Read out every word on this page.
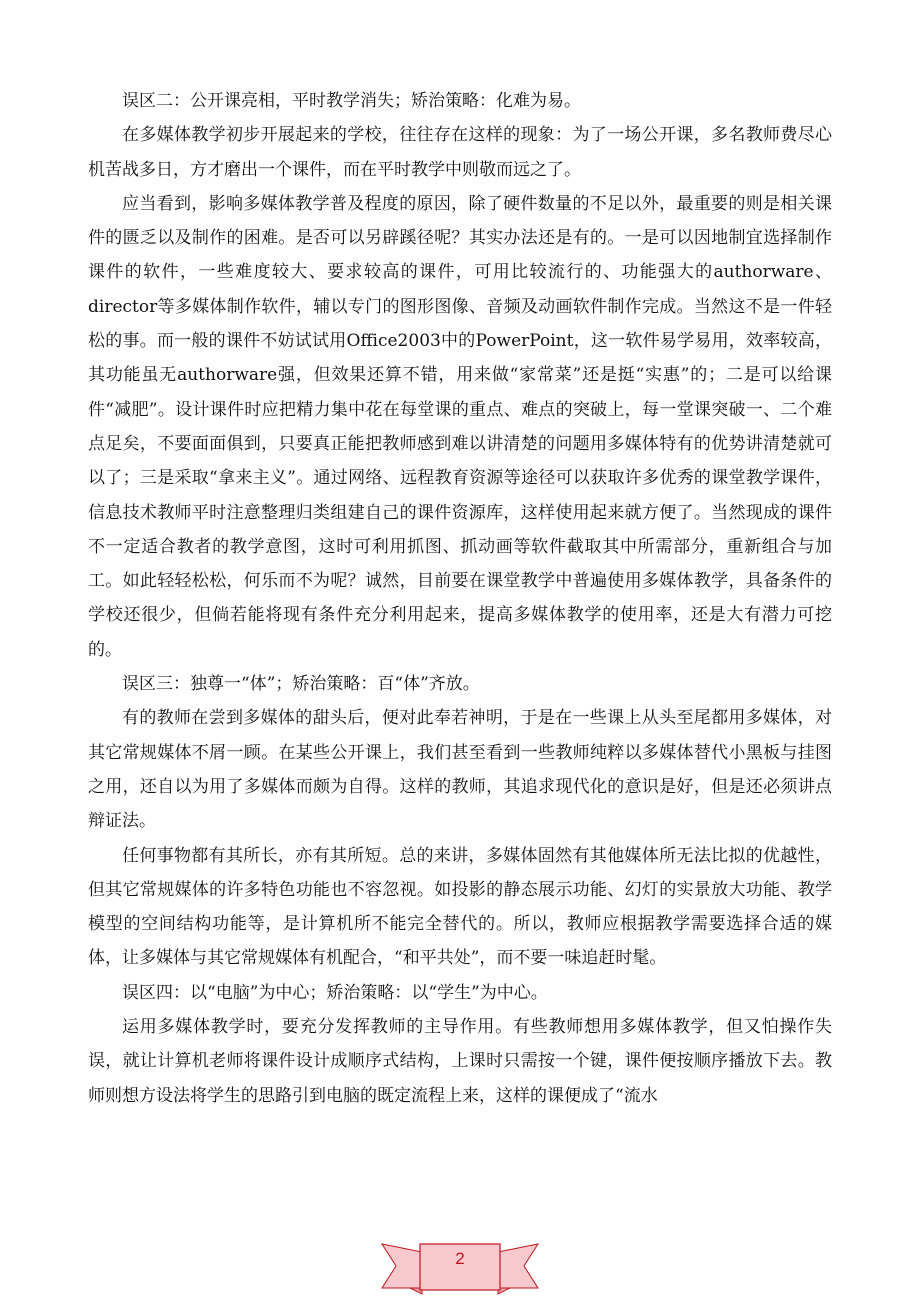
误区二：公开课亮相，平时教学消失；矫治策略：化难为易。

在多媒体教学初步开展起来的学校，往往存在这样的现象：为了一场公开课，多名教师费尽心机苦战多日，方才磨出一个课件，而在平时教学中则敬而远之了。

应当看到，影响多媒体教学普及程度的原因，除了硬件数量的不足以外，最重要的则是相关课件的匮乏以及制作的困难。是否可以另辟蹊径呢？其实办法还是有的。一是可以因地制宜选择制作课件的软件，一些难度较大、要求较高的课件，可用比较流行的、功能强大的authorware、director等多媒体制作软件，辅以专门的图形图像、音频及动画软件制作完成。当然这不是一件轻松的事。而一般的课件不妨试试用Office2003中的PowerPoint，这一软件易学易用，效率较高，其功能虽无authorware强，但效果还算不错，用来做“家常菜”还是挺“实惠”的；二是可以给课件“减肥”。设计课件时应把精力集中花在每堂课的重点、难点的突破上，每一堂课突破一、二个难点足矣，不要面面俱到，只要真正能把教师感到难以讲清楚的问题用多媒体特有的优势讲清楚就可以了；三是采取“拿来主义”。通过网络、远程教育资源等途径可以获取许多优秀的课堂教学课件，信息技术教师平时注意整理归类组建自己的课件资源库，这样使用起来就方便了。当然现成的课件不一定适合教者的教学意图，这时可利用抓图、抓动画等软件截取其中所需部分，重新组合与加工。如此轻轻松松，何乐而不为呢？诚然，目前要在课堂教学中普遍使用多媒体教学，具备条件的学校还很少，但倘若能将现有条件充分利用起来，提高多媒体教学的使用率，还是大有潜力可挖的。

误区三：独尊一“体”；矫治策略：百“体”齐放。

有的教师在尝到多媒体的甜头后，便对此奉若神明，于是在一些课上从头至尾都用多媒体，对其它常规媒体不屑一顾。在某些公开课上，我们甚至看到一些教师纯粹以多媒体替代小黑板与挂图之用，还自以为用了多媒体而颇为自得。这样的教师，其追求现代化的意识是好，但是还必须讲点辩证法。

任何事物都有其所长，亦有其所短。总的来讲，多媒体固然有其他媒体所无法比拟的优越性，但其它常规媒体的许多特色功能也不容忽视。如投影的静态展示功能、幻灯的实景放大功能、教学模型的空间结构功能等，是计算机所不能完全替代的。所以，教师应根据教学需要选择合适的媒体，让多媒体与其它常规媒体有机配合，“和平共处”，而不要一味追赶时髦。

误区四：以“电脑”为中心；矫治策略：以“学生”为中心。

运用多媒体教学时，要充分发挥教师的主导作用。有些教师想用多媒体教学，但又怕操作失误，就让计算机老师将课件设计成顺序式结构，上课时只需按一个键，课件便按顺序播放下去。教师则想方设法将学生的思路引到电脑的既定流程上来，这样的课便成了“流水

2
